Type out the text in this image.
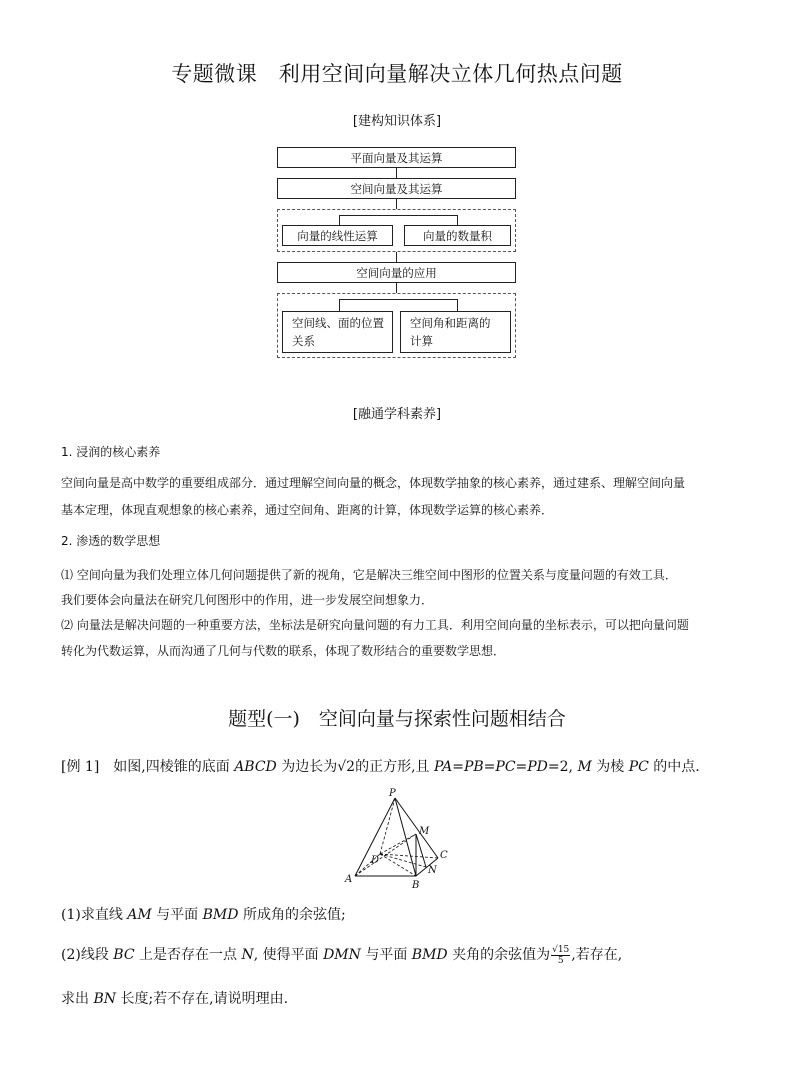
专题微课　利用空间向量解决立体几何热点问题
[建构知识体系]
平面向量及其运算
空间向量及其运算
向量的线性运算	向量的数量积
空间向量的应用
空间线、面的位置
关系
空间角和距离的
计算
[融通学科素养]
1. 浸润的核心素养
空间向量是高中数学的重要组成部分．通过理解空间向量的概念，体现数学抽象的核心素养，通过建系、理解空间向量
基本定理，体现直观想象的核心素养，通过空间角、距离的计算，体现数学运算的核心素养．
2. 渗透的数学思想
⑴ 空间向量为我们处理立体几何问题提供了新的视角，它是解决三维空间中图形的位置关系与度量问题的有效工具．
我们要体会向量法在研究几何图形中的作用，进一步发展空间想象力．
⑵ 向量法是解决问题的一种重要方法，坐标法是研究向量问题的有力工具．利用空间向量的坐标表示，可以把向量问题
转化为代数运算，从而沟通了几何与代数的联系，体现了数形结合的重要数学思想．
题型(一)　空间向量与探索性问题相结合
[例 1] 如图,四棱锥的底面 ABCD 为边长为√2的正方形,且 PA=PB=PC=PD=2, M 为棱 PC 的中点.
P
M
D	C
N
A
B
(1)求直线 AM 与平面 BMD 所成角的余弦值;
(2)线段 BC 上是否存在一点 N, 使得平面 DMN 与平面 BMD 夹角的余弦值为 $\frac{√15}{5}$ ,若存在,
求出 BN 长度;若不存在,请说明理由.
